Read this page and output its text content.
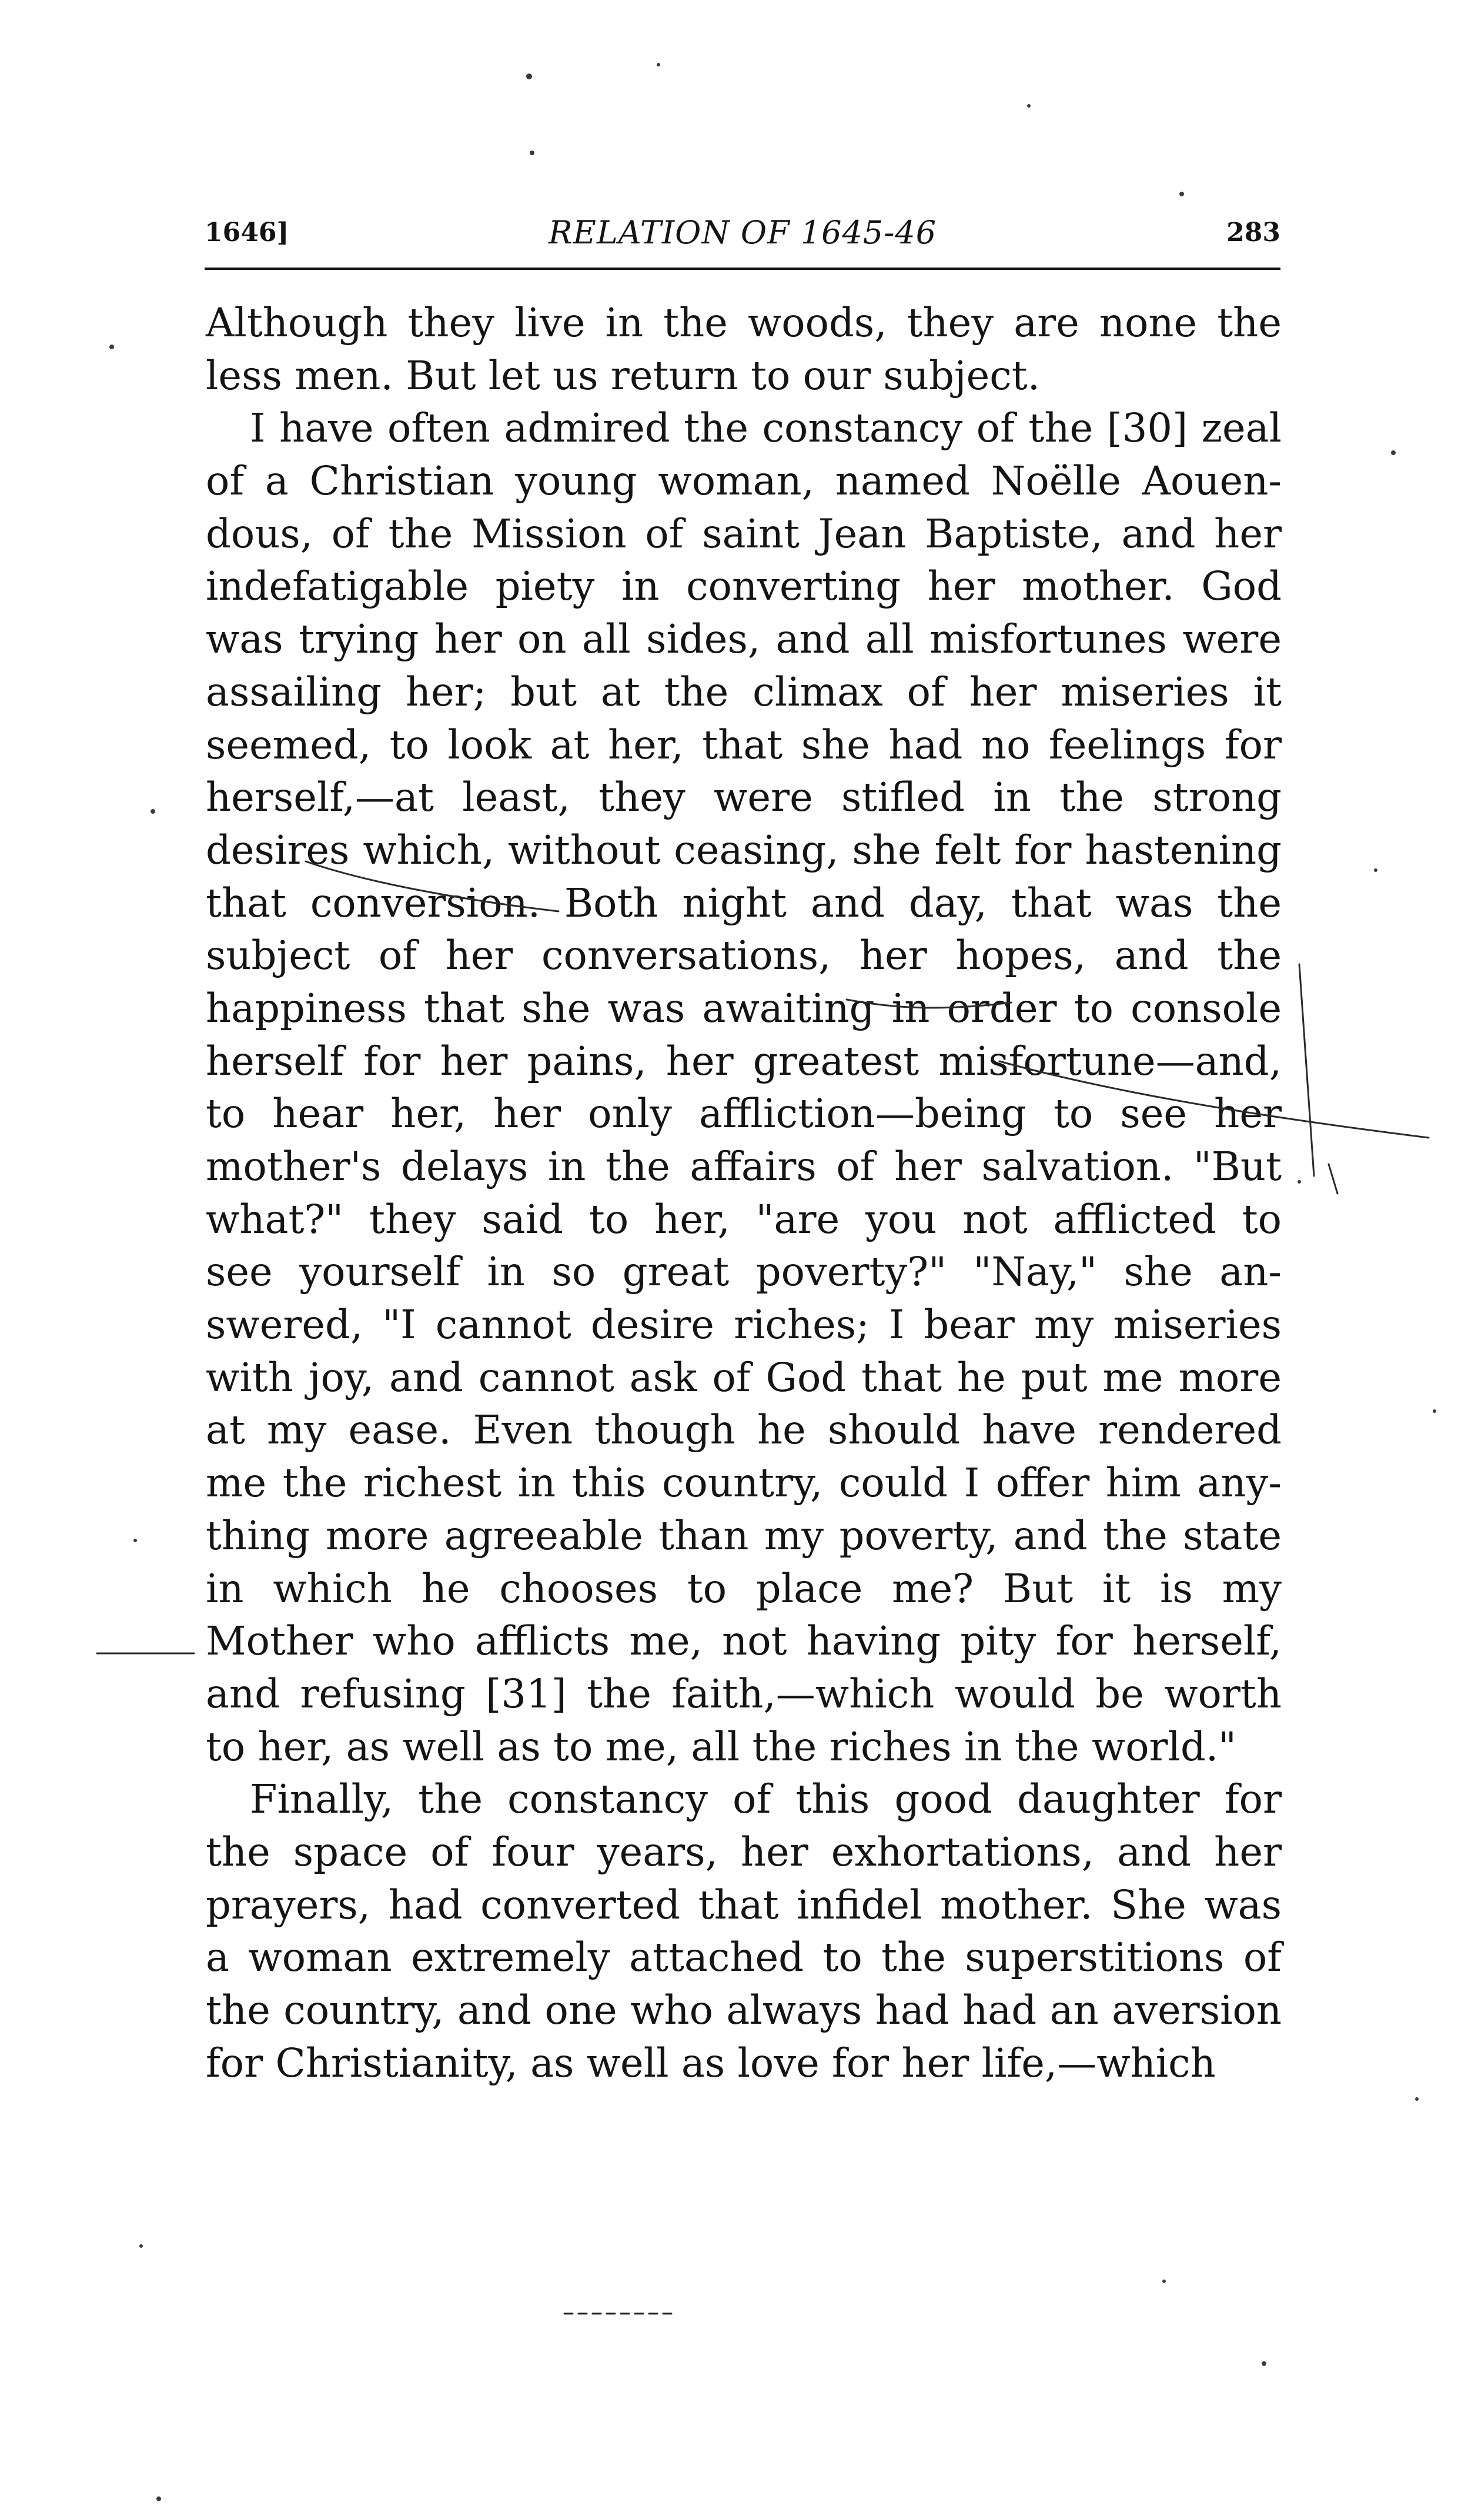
1646]	RELATION OF 1645-46	283
Although they live in the woods, they are none the
less men. But let us return to our subject.
I have often admired the constancy of the [30] zeal
of a Christian young woman, named Noëlle Aouen-
dous, of the Mission of saint Jean Baptiste, and her
indefatigable piety in converting her mother. God
was trying her on all sides, and all misfortunes were
assailing her; but at the climax of her miseries it
seemed, to look at her, that she had no feelings for
herself,—at least, they were stifled in the strong
desires which, without ceasing, she felt for hastening
that conversion. Both night and day, that was the
subject of her conversations, her hopes, and the
happiness that she was awaiting in order to console
herself for her pains, her greatest misfortune—and,
to hear her, her only affliction—being to see her
mother's delays in the affairs of her salvation. "But
what?" they said to her, "are you not afflicted to
see yourself in so great poverty?" "Nay," she an-
swered, "I cannot desire riches; I bear my miseries
with joy, and cannot ask of God that he put me more
at my ease. Even though he should have rendered
me the richest in this country, could I offer him any-
thing more agreeable than my poverty, and the state
in which he chooses to place me? But it is my
Mother who afflicts me, not having pity for herself,
and refusing [31] the faith,—which would be worth
to her, as well as to me, all the riches in the world."
Finally, the constancy of this good daughter for
the space of four years, her exhortations, and her
prayers, had converted that infidel mother. She was
a woman extremely attached to the superstitions of
the country, and one who always had had an aversion
for Christianity, as well as love for her life,—which
